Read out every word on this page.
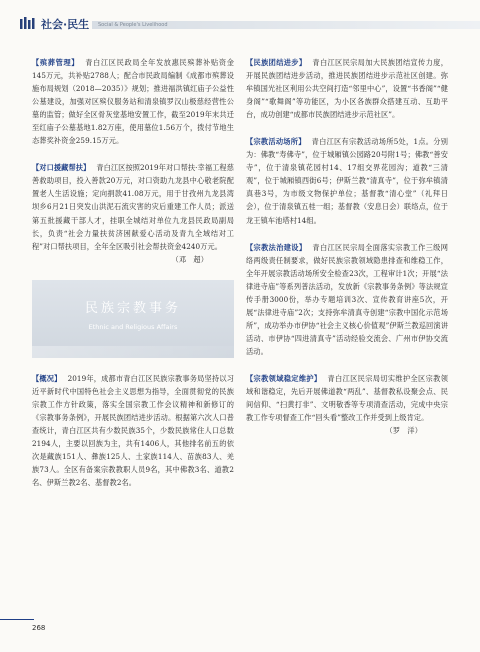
社会·民生 Social & People's Livelihood

【殡葬管理】 青白江区民政局全年发放惠民殡葬补贴资金145万元，共补贴2788人；配合市民政局编制《成都市殡葬设施布局规划（2018—2035）》规划；推进福洪镇红庙子公益性公墓建设，加强对区殡仪服务站和清泉镇罗汉山极慈经营性公墓的监管；做好全区骨灰堂基地安置工作，截至2019年末共迁至红庙子公墓基地1.82万座，使用墓位1.56万个，拨付节地生态葬奖补资金259.15万元。

【对口援藏帮扶】 青白江区按照2019年对口帮扶·幸福工程慈善救助项目，投入善款20万元，对口资助九龙县中心敬老院配置老人生活设施；定向捐款41.08万元，用于甘孜州九龙县湾坝乡6月21日突发山洪泥石流灾害的灾后重建工作人员；派送第五批援藏干部人才，挂职全城结对单位九龙县民政局副局长，负责“社会力量扶贫济困献爱心活动及青九全域结对工程”对口帮扶项目，全年全区吸引社会帮扶资金4240万元。
（邓　超）

民族宗教事务
Ethnic and Religious Affairs

【概况】 2019年，成都市青白江区民族宗教事务局坚持以习近平新时代中国特色社会主义思想为指导，全面贯彻党的民族宗教工作方针政策，落实全国宗教工作会议精神和新修订的《宗教事务条例》，开展民族团结进步活动。根据第六次人口普查统计，青白江区共有少数民族35个，少数民族常住人口总数2194人，主要以回族为主，共有1406人，其他排名前五的依次是藏族151人、彝族125人、土家族114人、苗族83人、羌族73人。全区有备案宗教教职人员9名，其中佛教3名、道教2名、伊斯兰教2名、基督教2名。

【民族团结进步】 青白江区民宗局加大民族团结宣传力度，开展民族团结进步活动，推进民族团结进步示范社区创建。弥牟镇国光社区利用公共空间打造“邻里中心”，设置“书香阁”“健身阁”“歌舞阁”等功能区，为小区各族群众搭建互动、互助平台，成功创建“成都市民族团结进步示范社区”。

【宗教活动场所】 青白江区有宗教活动场所5处，1点。分别为：佛教“寿佛寺”，位于城厢镇公园路20号附1号；佛教“善安寺”，位于清泉镇花园村14、17组交界花园沟；道教“三清观”，位于城厢镇西街6号；伊斯兰教“清真寺”，位于弥牟镇清真巷3号，为市级文物保护单位；基督教“清心堂”（礼拜日会），位于清泉镇五桂一组；基督教（安息日会）联络点，位于龙王镇车池塔村14组。

【宗教法治建设】 青白江区民宗局全面落实宗教工作三级网络两级责任制要求，做好民族宗教领域隐患排查和维稳工作，全年开展宗教活动场所安全检查23次，工程审计1次；开展“法律进寺庙”等系列普法活动，发放新《宗教事务条例》等法规宣传手册3000份，举办专题培训3次、宣传教育讲座5次，开展“法律进寺庙”2次；支持弥牟清真寺创建“宗教中国化示范场所”，成功举办市伊协“社会主义核心价值观”伊斯兰教巡回演讲活动、市伊协“四进清真寺”活动经验交流会、广州市伊协交流活动。

【宗教领域稳定维护】 青白江区民宗局切实维护全区宗教领域和谐稳定，先后开展佛道教“两乱”、基督教私设聚会点、民间信仰、“扫黄打非”、文明敬香等专项清查活动，完成中央宗教工作专项督查工作“回头看”整改工作并受到上级肯定。
（罗　洋）

268
